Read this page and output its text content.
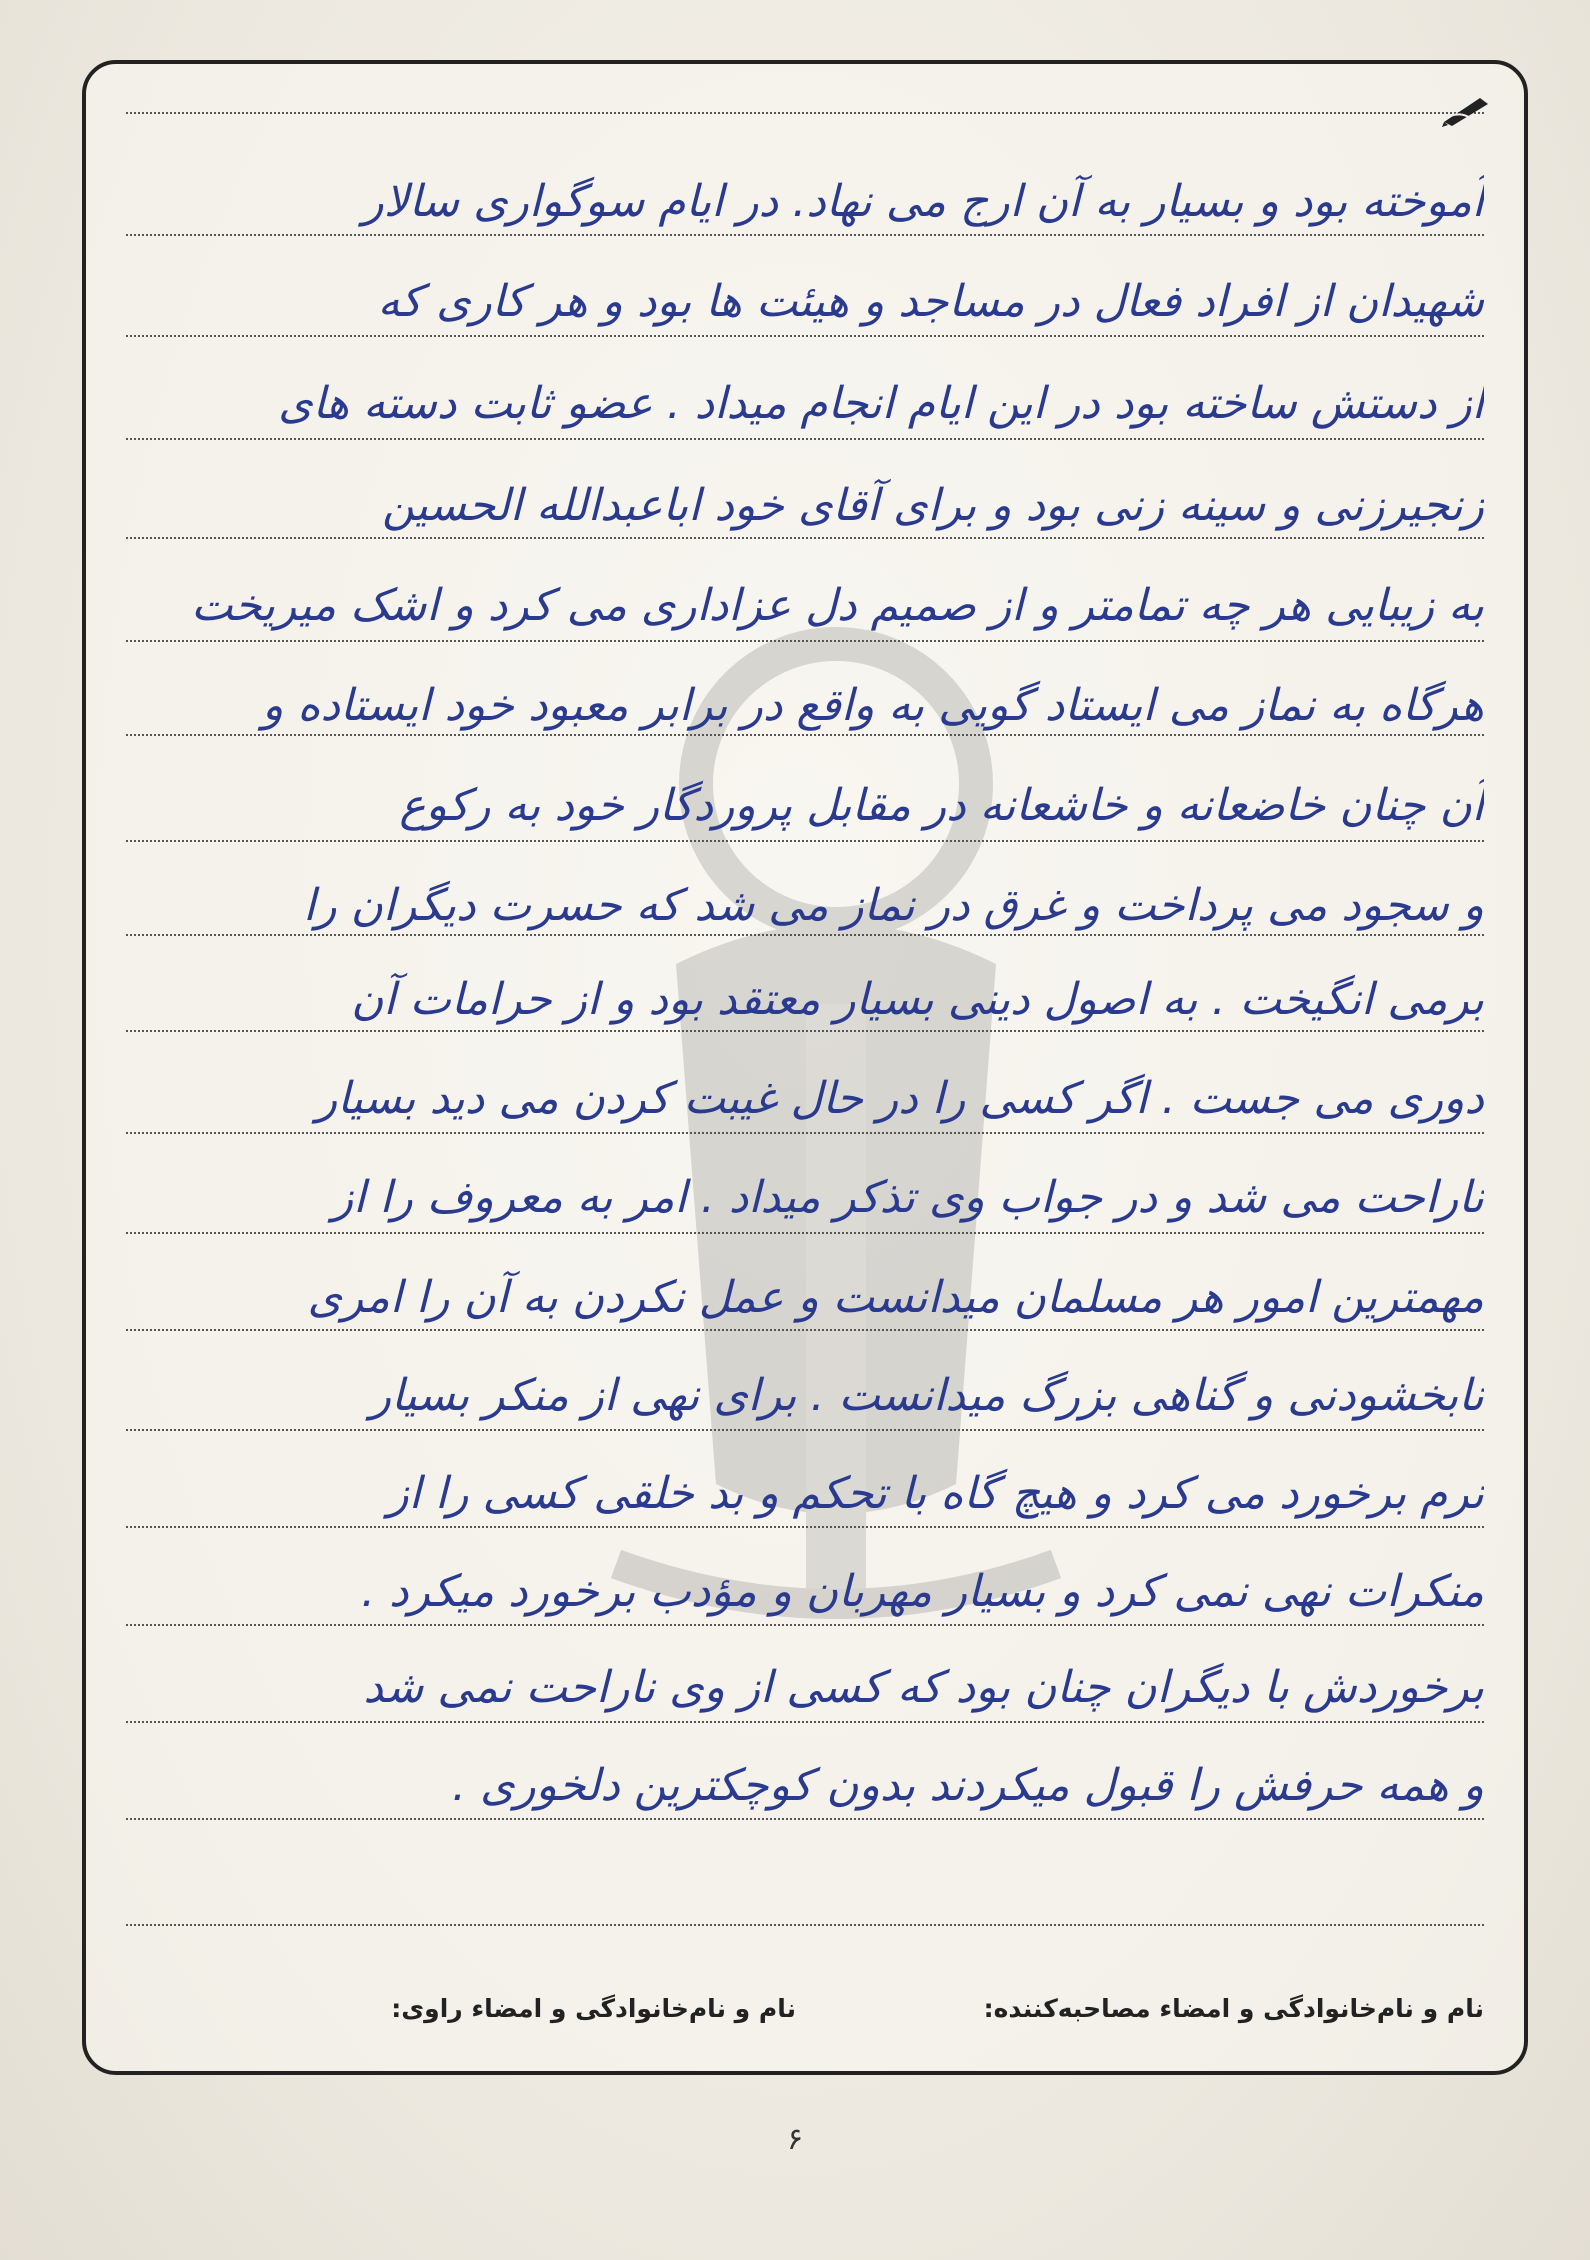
آموخته بود و بسیار به آن ارج می نهاد. در ایام سوگواری سالار
شهیدان از افراد فعال در مساجد و هیئت ها بود و هر کاری که
از دستش ساخته بود در این ایام انجام میداد . عضو ثابت دسته های
زنجیرزنی و سینه زنی بود و برای آقای خود اباعبدالله الحسین
به زیبایی هر چه تمامتر و از صمیم دل عزاداری می کرد و اشک میریخت
هرگاه به نماز می ایستاد گویی به واقع در برابر معبود خود ایستاده و
آن چنان خاضعانه و خاشعانه در مقابل پروردگار خود به رکوع
و سجود می پرداخت و غرق در نماز می شد که حسرت دیگران را
برمی انگیخت . به اصول دینی بسیار معتقد بود و از حرامات آن
دوری می جست . اگر کسی را در حال غیبت کردن می دید بسیار
ناراحت می شد و در جواب وی تذکر میداد . امر به معروف را از
مهمترین امور هر مسلمان میدانست و عمل نکردن به آن را امری
نابخشودنی و گناهی بزرگ میدانست . برای نهی از منکر بسیار
نرم برخورد می کرد و هیچ گاه با تحکم و بد خلقی کسی را از
منکرات نهی نمی کرد و بسیار مهربان و مؤدب برخورد میکرد .
برخوردش با دیگران چنان بود که کسی از وی ناراحت نمی شد
و همه حرفش را قبول میکردند بدون کوچکترین دلخوری .
نام و نام‌خانوادگی و امضاء مصاحبه‌کننده:
نام و نام‌خانوادگی و امضاء راوی:
۶
